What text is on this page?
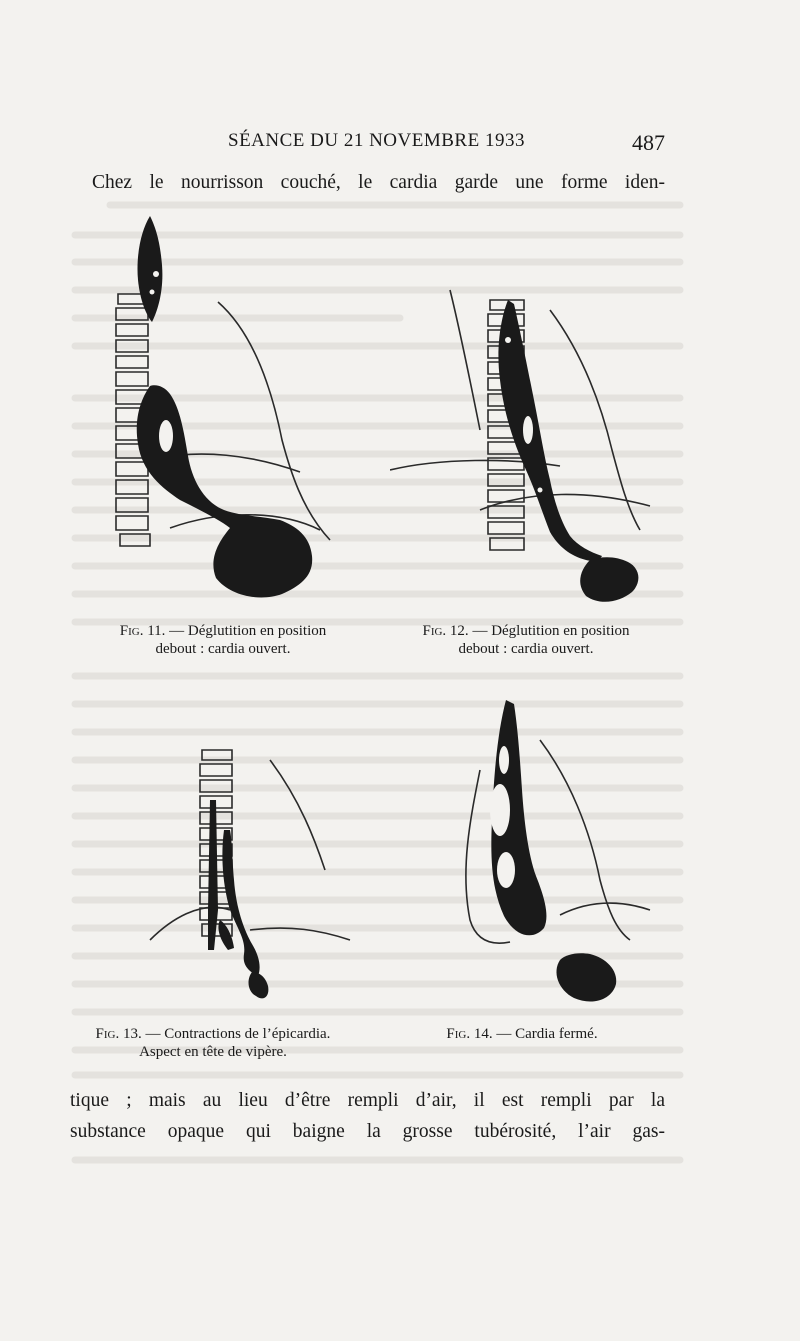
SÉANCE DU 21 NOVEMBRE 1933	487
Chez le nourrisson couché, le cardia garde une forme iden-
Fig. 11. — Déglutition en position
debout : cardia ouvert.
Fig. 12. — Déglutition en position
debout : cardia ouvert.
Fig. 13. — Contractions de l’épicardia.
Aspect en tête de vipère.
Fig. 14. — Cardia fermé.
tique ; mais au lieu d’être rempli d’air, il est rempli par la
substance opaque qui baigne la grosse tubérosité, l’air gas-
